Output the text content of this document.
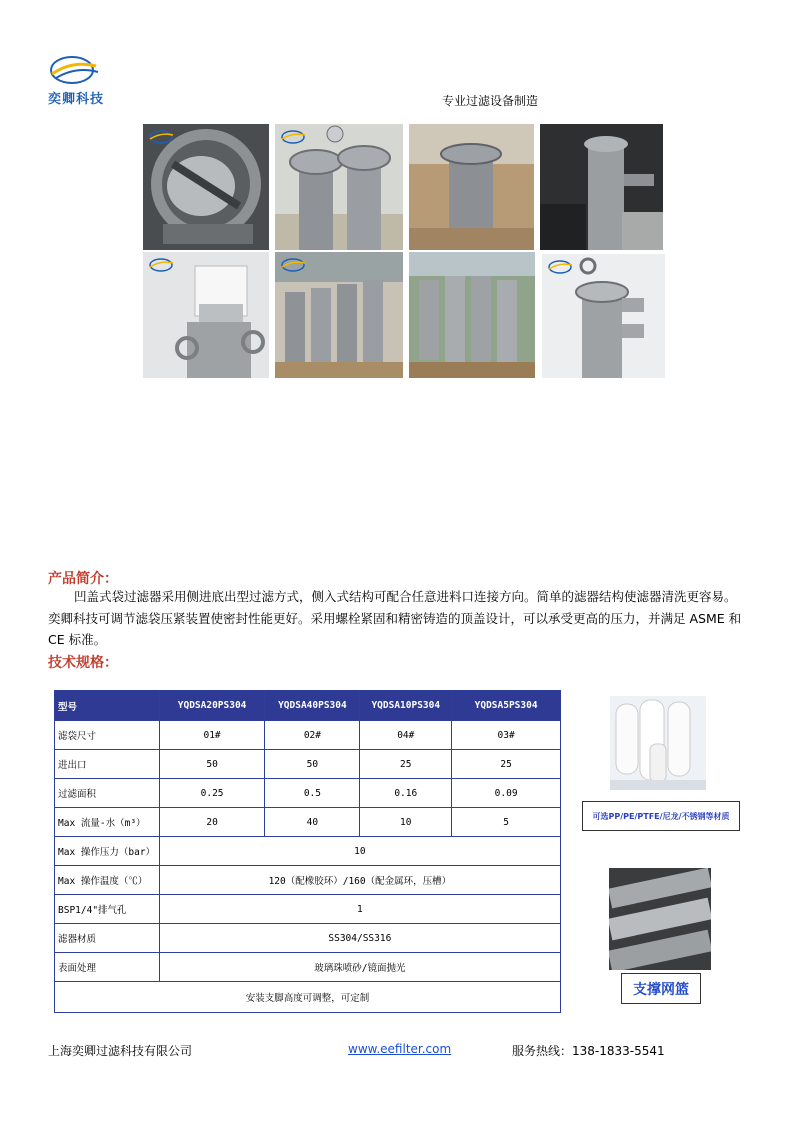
奕卿科技	专业过滤设备制造
产品简介：
凹盖式袋过滤器采用侧进底出型过滤方式，侧入式结构可配合任意进料口连接方向。简单的滤器结构使滤器清洗更容易。奕卿科技可调节滤袋压紧装置使密封性能更好。采用螺栓紧固和精密铸造的顶盖设计，可以承受更高的压力，并满足 ASME 和 CE 标准。
技术规格：
型号	YQDSA20PS304	YQDSA40PS304	YQDSA10PS304	YQDSA5PS304
滤袋尺寸	01#	02#	04#	03#
进出口	50	50	25	25
过滤面积	0.25	0.5	0.16	0.09
Max 流量-水（m³）	20	40	10	5
Max 操作压力（bar）	10			
Max 操作温度（℃）	120（配橡胶环）/160（配金属环，压槽）			
BSP1/4"排气孔	1			
滤器材质	SS304/SS316			
表面处理	玻璃珠喷砂/镜面抛光			
安装支脚高度可调整，可定制				
可选PP/PE/PTFE/尼龙/不锈钢等材质

支撑网篮
上海奕卿过滤科技有限公司	www.eefilter.com	服务热线：138-1833-5541
